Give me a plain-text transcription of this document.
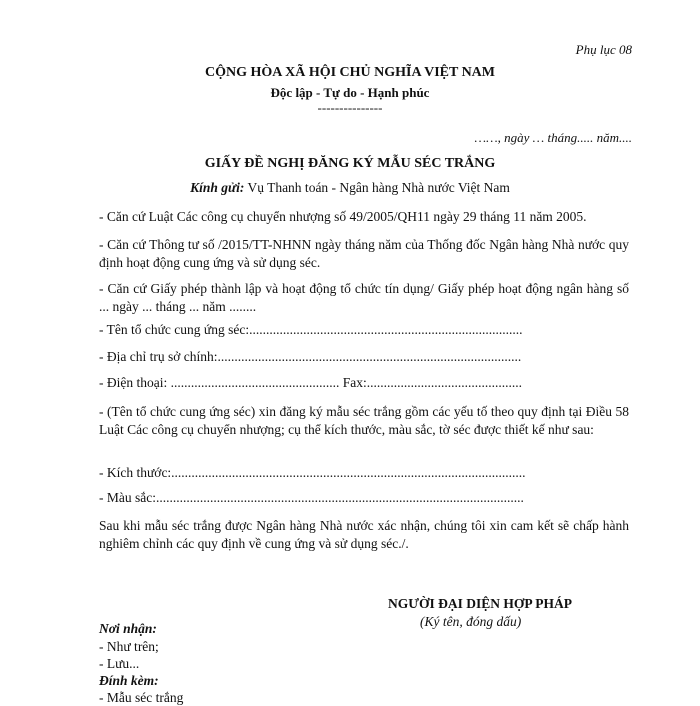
Phụ lục 08
CỘNG HÒA XÃ HỘI CHỦ NGHĨA VIỆT NAM
Độc lập - Tự do - Hạnh phúc
---------------
……, ngày … tháng..... năm....
GIẤY ĐỀ NGHỊ ĐĂNG KÝ MẪU SÉC TRẮNG
Kính gửi: Vụ Thanh toán - Ngân hàng Nhà nước Việt Nam
- Căn cứ Luật Các công cụ chuyển nhượng số 49/2005/QH11 ngày 29 tháng 11 năm 2005.
- Căn cứ Thông tư số /2015/TT-NHNN ngày tháng năm của Thống đốc Ngân hàng Nhà nước quy định hoạt động cung ứng và sử dụng séc.
- Căn cứ Giấy phép thành lập và hoạt động tổ chức tín dụng/ Giấy phép hoạt động ngân hàng số ... ngày ... tháng ... năm ........
- Tên tổ chức cung ứng séc:.................................................................................
- Địa chỉ trụ sở chính:..........................................................................................
- Điện thoại: .................................................. Fax:..............................................
- (Tên tổ chức cung ứng séc) xin đăng ký mẫu séc trắng gồm các yếu tố theo quy định tại Điều 58 Luật Các công cụ chuyển nhượng; cụ thể kích thước, màu sắc, tờ séc được thiết kế như sau:
- Kích thước:.........................................................................................................
- Màu sắc:.............................................................................................................
Sau khi mẫu séc trắng được Ngân hàng Nhà nước xác nhận, chúng tôi xin cam kết sẽ chấp hành nghiêm chỉnh các quy định về cung ứng và sử dụng séc./.
NGƯỜI ĐẠI DIỆN HỢP PHÁP
(Ký tên, đóng dấu)
Nơi nhận:
- Như trên;
- Lưu...
Đính kèm:
- Mẫu séc trắng
